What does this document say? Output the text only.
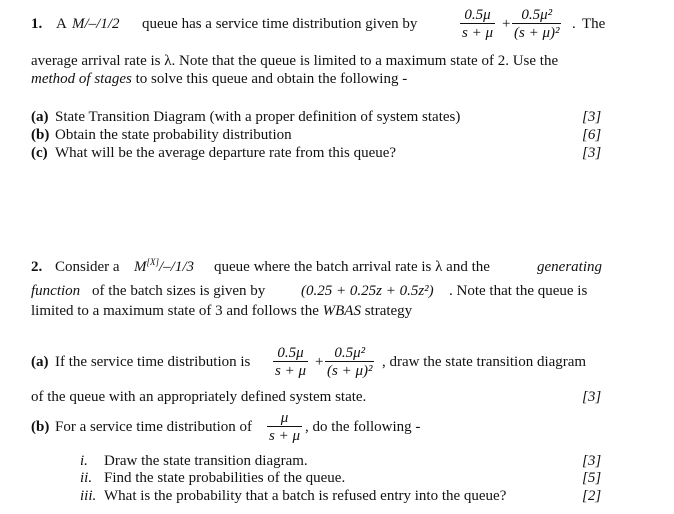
1. A M/–/1/2 queue has a service time distribution given by	$\frac{0.5\mu}{s + \mu} + \frac{\text{0.5μ²}}{\text{(s + μ)²}}$ . The
average arrival rate is λ. Note that the queue is limited to a maximum state of 2. Use the
method of stages to solve this queue and obtain the following -
(a) State Transition Diagram (with a proper definition of system states)	[3]
(b) Obtain the state probability distribution	[6]
(c) What will be the average departure rate from this queue?	[3]
2. Consider a M[X]/–/1/3 queue where the batch arrival rate is λ and the	generating
function of the batch sizes is given by (0.25 + 0.25z + 0.5z²) . Note that the queue is
limited to a maximum state of 3 and follows the WBAS strategy
(a) If the service time distribution is $\frac{0.5\mu}{s + \mu} + \frac{\text{0.5μ²}}{\text{(s + μ)²}}$ , draw the state transition diagram
of the queue with an appropriately defined system state.	[3]
(b) For a service time distribution of $\frac{\mu}{s + \mu}$ , do the following -
i. Draw the state transition diagram.	[3]
ii. Find the state probabilities of the queue.	[5]
iii. What is the probability that a batch is refused entry into the queue?	[2]
